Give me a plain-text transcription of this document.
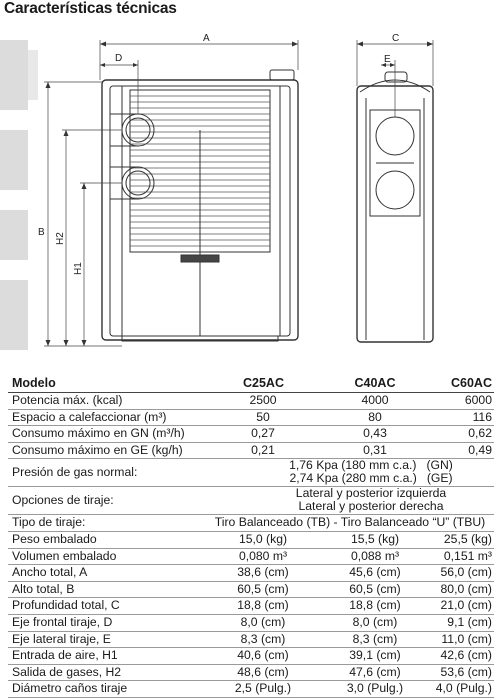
Características técnicas
A
D
B H2
H1
C
E
Modelo	C25AC	C40AC	C60AC
Potencia máx. (kcal)	2500	4000	6000
Espacio a calefaccionar (m³)	50	80	116
Consumo máximo en GN (m³/h)	0,27	0,43	0,62
Consumo máximo en GE (kg/h)	0,21	0,31	0,49
Presión de gas normal:	1,76 Kpa (180 mm c.a.) (GN)
2,74 Kpa (280 mm c.a.) (GE)
Opciones de tiraje:	Lateral y posterior izquierda
Lateral y posterior derecha
Tipo de tiraje:	Tiro Balanceado (TB) - Tiro Balanceado “U” (TBU)
Peso embalado	15,0 (kg)	15,5 (kg)	25,5 (kg)
Volumen embalado	0,080 m³	0,088 m³	0,151 m³
Ancho total, A	38,6 (cm)	45,6 (cm)	56,0 (cm)
Alto total, B	60,5 (cm)	60,5 (cm)	80,0 (cm)
Profundidad total, C	18,8 (cm)	18,8 (cm)	21,0 (cm)
Eje frontal tiraje, D	8,0 (cm)	8,0 (cm)	9,1 (cm)
Eje lateral tiraje, E	8,3 (cm)	8,3 (cm)	11,0 (cm)
Entrada de aire, H1	40,6 (cm)	39,1 (cm)	42,6 (cm)
Salida de gases, H2	48,6 (cm)	47,6 (cm)	53,6 (cm)
Diámetro caños tiraje	2,5 (Pulg.)	3,0 (Pulg.)	4,0 (Pulg.)
